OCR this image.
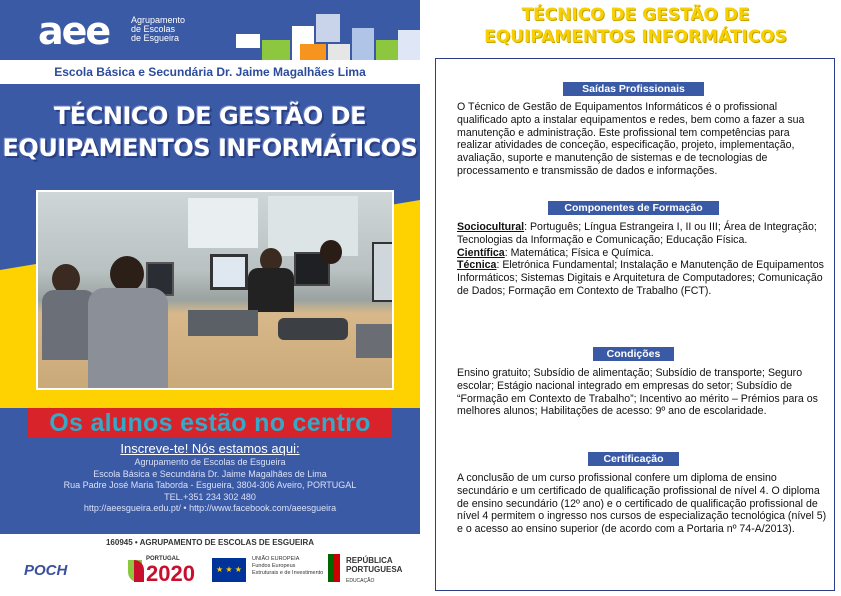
aee Agrupamento
de Escolas
de Esgueira
Escola Básica e Secundária Dr. Jaime Magalhães Lima
TÉCNICO DE GESTÃO DE
EQUIPAMENTOS INFORMÁTICOS
Os alunos estão no centro
Inscreve-te! Nós estamos aqui:
Agrupamento de Escolas de Esgueira
Escola Básica e Secundária Dr. Jaime Magalhães de Lima
Rua Padre José Maria Taborda - Esgueira, 3804-306 Aveiro, PORTUGAL
TEL.+351 234 302 480
http://aeesgueira.edu.pt/ • http://www.facebook.com/aeesgueira
160945 • AGRUPAMENTO DE ESCOLAS DE ESGUEIRA
POCH
PORTUGAL
2020	★ ★ ★
UNIÃO EUROPEIA
Fundos Europeus
Estruturais e de Investimento
REPÚBLICA
PORTUGUESA
EDUCAÇÃO
TÉCNICO DE GESTÃO DE
EQUIPAMENTOS INFORMÁTICOS
Saídas Profissionais
O Técnico de Gestão de Equipamentos Informáticos é o profissional qualificado apto a instalar equipamentos e redes, bem como a fazer a sua manutenção e administração. Este profissional tem competências para realizar atividades de conceção, especificação, projeto, implementação, avaliação, suporte e manutenção de sistemas e de tecnologias de processamento e transmissão de dados e informações.
Componentes de Formação
Sociocultural: Português; Língua Estrangeira I, II ou III; Área de Integração; Tecnologias da Informação e Comunicação; Educação Física.
Científica: Matemática; Física e Química.
Técnica: Eletrónica Fundamental; Instalação e Manutenção de Equipamentos Informáticos; Sistemas Digitais e Arquitetura de Computadores; Comunicação de Dados; Formação em Contexto de Trabalho (FCT).
Condições
Ensino gratuito; Subsídio de alimentação; Subsídio de transporte; Seguro escolar; Estágio nacional integrado em empresas do setor; Subsídio de “Formação em Contexto de Trabalho”; Incentivo ao mérito – Prémios para os melhores alunos; Habilitações de acesso: 9º ano de escolaridade.
Certificação
A conclusão de um curso profissional confere um diploma de ensino secundário e um certificado de qualificação profissional de nível 4. O diploma de ensino secundário (12º ano) e o certificado de qualificação profissional de nível 4 permitem o ingresso nos cursos de especialização tecnológica (nível 5) e o acesso ao ensino superior (de acordo com a Portaria nº 74-A/2013).
